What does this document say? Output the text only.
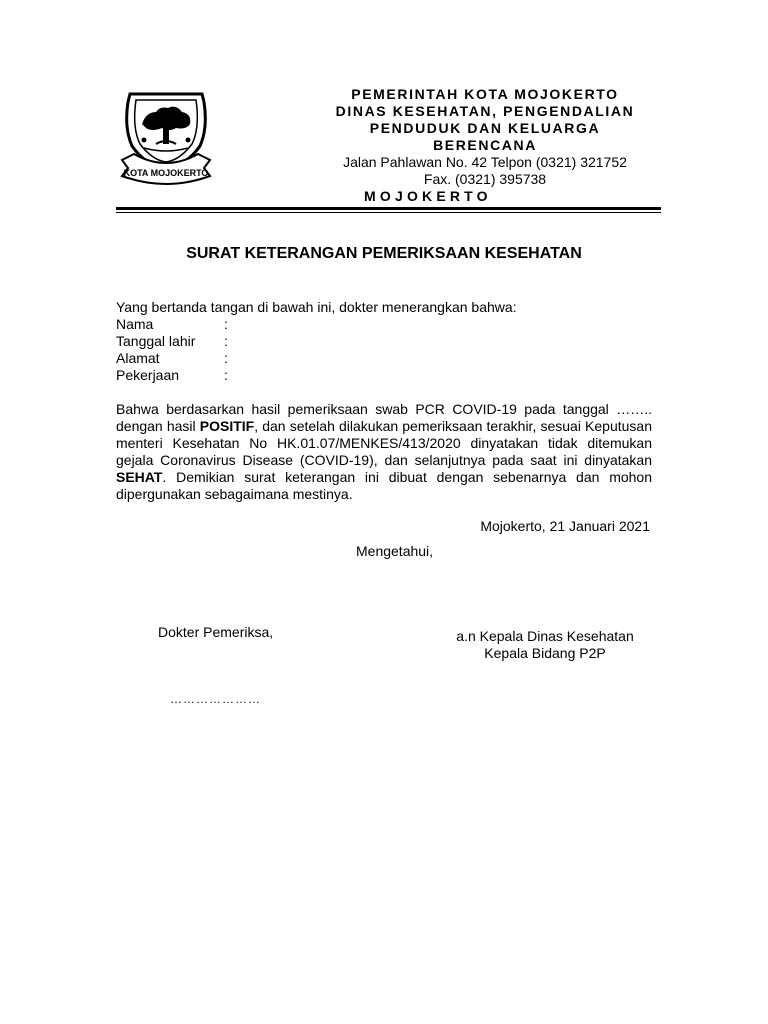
KOTA MOJOKERTO
PEMERINTAH KOTA MOJOKERTO
DINAS KESEHATAN, PENGENDALIAN
PENDUDUK DAN KELUARGA
BERENCANA
Jalan Pahlawan No. 42 Telpon (0321) 321752
Fax. (0321) 395738
MOJOKERTO
SURAT KETERANGAN PEMERIKSAAN KESEHATAN
Yang bertanda tangan di bawah ini, dokter menerangkan bahwa:
Nama	:
Tanggal lahir :
Alamat	:
Pekerjaan	:
Bahwa berdasarkan hasil pemeriksaan swab PCR COVID-19 pada tanggal …….. dengan hasil POSITIF, dan setelah dilakukan pemeriksaan terakhir, sesuai Keputusan menteri Kesehatan No HK.01.07/MENKES/413/2020 dinyatakan tidak ditemukan gejala Coronavirus Disease (COVID-19), dan selanjutnya pada saat ini dinyatakan SEHAT. Demikian surat keterangan ini dibuat dengan sebenarnya dan mohon dipergunakan sebagaimana mestinya.
Mojokerto, 21 Januari 2021
Mengetahui,
Dokter Pemeriksa,	a.n Kepala Dinas Kesehatan
Kepala Bidang P2P
…………………
